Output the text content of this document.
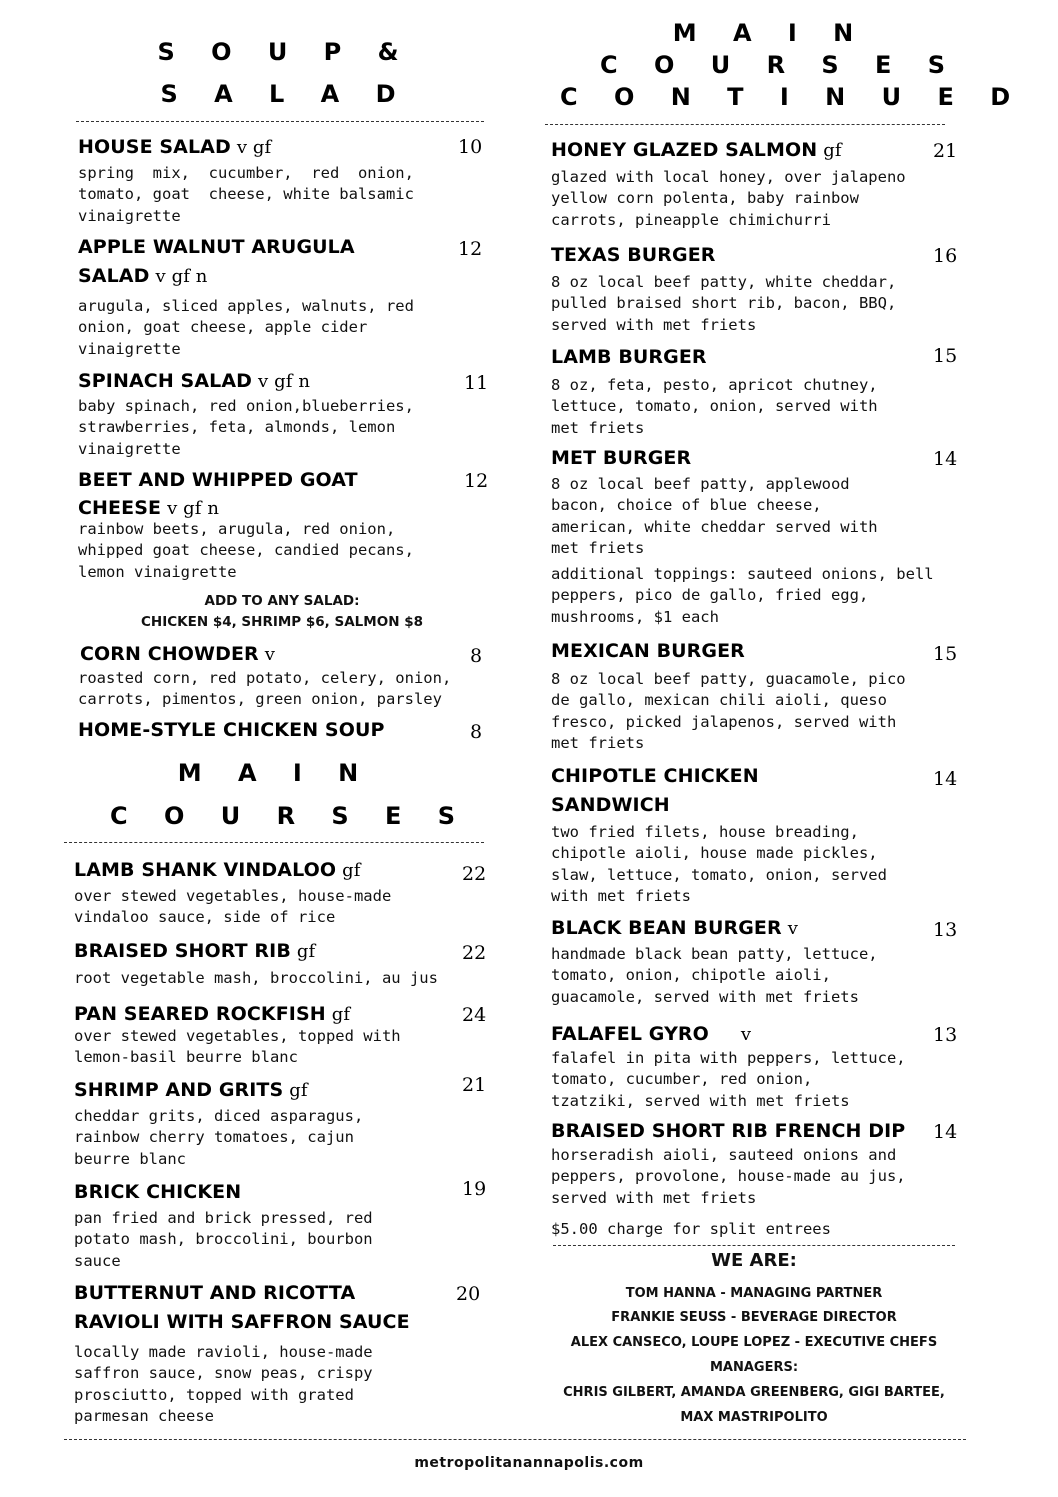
S O U P &
S A L A D
HOUSE SALAD v gf	10
spring  mix,  cucumber,  red  onion,
tomato, goat  cheese, white balsamic
vinaigrette
APPLE WALNUT ARUGULA
SALAD v gf n
12
arugula, sliced apples, walnuts, red
onion, goat cheese, apple cider
vinaigrette
SPINACH SALAD v gf n	11
baby spinach, red onion,blueberries,
strawberries, feta, almonds, lemon
vinaigrette
BEET AND WHIPPED GOAT
CHEESE v gf n
12
rainbow beets, arugula, red onion,
whipped goat cheese, candied pecans,
lemon vinaigrette
ADD TO ANY SALAD:
CHICKEN $4, SHRIMP $6, SALMON $8
CORN CHOWDER v	8
roasted corn, red potato, celery, onion,
carrots, pimentos, green onion, parsley
HOME-STYLE CHICKEN SOUP	8
M A I N
C O U R S E S
LAMB SHANK VINDALOO gf	22
over stewed vegetables, house-made
vindaloo sauce, side of rice
BRAISED SHORT RIB gf	22
root vegetable mash, broccolini, au jus
PAN SEARED ROCKFISH gf	24
over stewed vegetables, topped with
lemon-basil beurre blanc
SHRIMP AND GRITS gf	21
cheddar grits, diced asparagus,
rainbow cherry tomatoes, cajun
beurre blanc
BRICK CHICKEN	19
pan fried and brick pressed, red
potato mash, broccolini, bourbon
sauce
BUTTERNUT AND RICOTTA
RAVIOLI WITH SAFFRON SAUCE
20
locally made ravioli, house-made
saffron sauce, snow peas, crispy
prosciutto, topped with grated
parmesan cheese
M A I N
C O U R S E S
C O N T I N U E D
HONEY GLAZED SALMON gf	21
glazed with local honey, over jalapeno
yellow corn polenta, baby rainbow
carrots, pineapple chimichurri
TEXAS BURGER	16
8 oz local beef patty, white cheddar,
pulled braised short rib, bacon, BBQ,
served with met friets
LAMB BURGER	15
8 oz, feta, pesto, apricot chutney,
lettuce, tomato, onion, served with
met friets
MET BURGER	14
8 oz local beef patty, applewood
bacon, choice of blue cheese,
american, white cheddar served with
met friets
additional toppings: sauteed onions, bell
peppers, pico de gallo, fried egg,
mushrooms, $1 each
MEXICAN BURGER	15
8 oz local beef patty, guacamole, pico
de gallo, mexican chili aioli, queso
fresco, picked jalapenos, served with
met friets
CHIPOTLE CHICKEN
SANDWICH
14
two fried filets, house breading,
chipotle aioli, house made pickles,
slaw, lettuce, tomato, onion, served
with met friets
BLACK BEAN BURGER v	13
handmade black bean patty, lettuce,
tomato, onion, chipotle aioli,
guacamole, served with met friets
FALAFEL GYRO v	13
falafel in pita with peppers, lettuce,
tomato, cucumber, red onion,
tzatziki, served with met friets
BRAISED SHORT RIB FRENCH DIP 14
horseradish aioli, sauteed onions and
peppers, provolone, house-made au jus,
served with met friets
$5.00 charge for split entrees
WE ARE:
TOM HANNA - MANAGING PARTNER
FRANKIE SEUSS - BEVERAGE DIRECTOR
ALEX CANSECO, LOUPE LOPEZ - EXECUTIVE CHEFS
MANAGERS:
CHRIS GILBERT, AMANDA GREENBERG, GIGI BARTEE,
MAX MASTRIPOLITO
metropolitanannapolis.com
